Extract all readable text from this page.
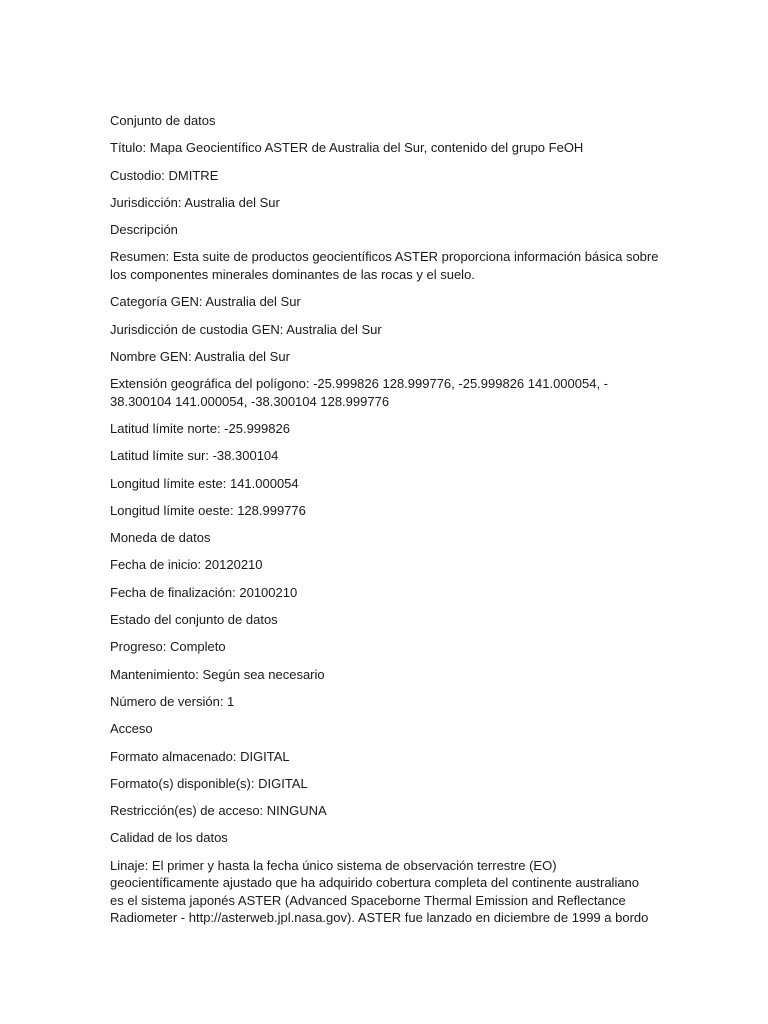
Conjunto de datos

Título: Mapa Geocientífico ASTER de Australia del Sur, contenido del grupo FeOH

Custodio: DMITRE

Jurisdicción: Australia del Sur

Descripción

Resumen: Esta suite de productos geocientíficos ASTER proporciona información básica sobre
los componentes minerales dominantes de las rocas y el suelo.

Categoría GEN: Australia del Sur

Jurisdicción de custodia GEN: Australia del Sur

Nombre GEN: Australia del Sur

Extensión geográfica del polígono: -25.999826 128.999776, -25.999826 141.000054, -
38.300104 141.000054, -38.300104 128.999776

Latitud límite norte: -25.999826

Latitud límite sur: -38.300104

Longitud límite este: 141.000054

Longitud límite oeste: 128.999776

Moneda de datos

Fecha de inicio: 20120210

Fecha de finalización: 20100210

Estado del conjunto de datos

Progreso: Completo

Mantenimiento: Según sea necesario

Número de versión: 1

Acceso

Formato almacenado: DIGITAL

Formato(s) disponible(s): DIGITAL

Restricción(es) de acceso: NINGUNA

Calidad de los datos

Linaje: El primer y hasta la fecha único sistema de observación terrestre (EO)
geocientíficamente ajustado que ha adquirido cobertura completa del continente australiano
es el sistema japonés ASTER (Advanced Spaceborne Thermal Emission and Reflectance
Radiometer - http://asterweb.jpl.nasa.gov). ASTER fue lanzado en diciembre de 1999 a bordo
